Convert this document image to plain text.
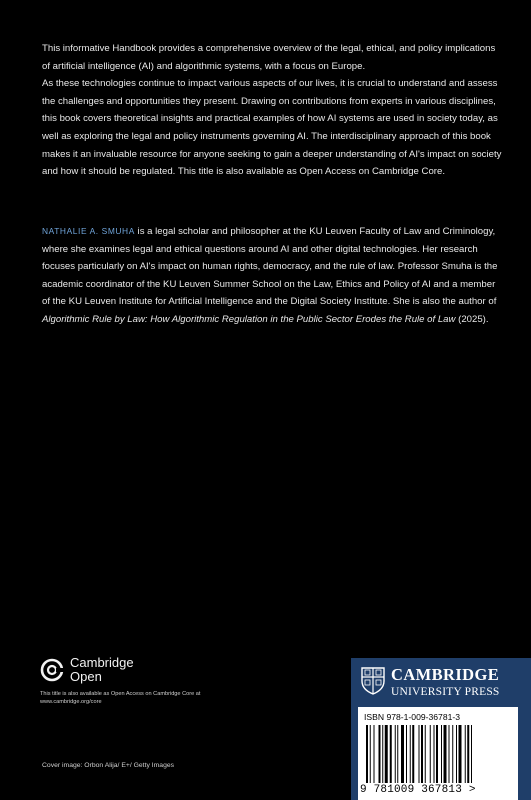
This informative Handbook provides a comprehensive overview of the legal, ethical, and policy implications of artificial intelligence (AI) and algorithmic systems, with a focus on Europe.

As these technologies continue to impact various aspects of our lives, it is crucial to understand and assess the challenges and opportunities they present. Drawing on contributions from experts in various disciplines, this book covers theoretical insights and practical examples of how AI systems are used in society today, as well as exploring the legal and policy instruments governing AI. The interdisciplinary approach of this book makes it an invaluable resource for anyone seeking to gain a deeper understanding of AI's impact on society and how it should be regulated. This title is also available as Open Access on Cambridge Core.

NATHALIE A. SMUHA is a legal scholar and philosopher at the KU Leuven Faculty of Law and Criminology, where she examines legal and ethical questions around AI and other digital technologies. Her research focuses particularly on AI's impact on human rights, democracy, and the rule of law. Professor Smuha is the academic coordinator of the KU Leuven Summer School on the Law, Ethics and Policy of AI and a member of the KU Leuven Institute for Artificial Intelligence and the Digital Society Institute. She is also the author of Algorithmic Rule by Law: How Algorithmic Regulation in the Public Sector Erodes the Rule of Law (2025).
Cambridge
Open
This title is also available as Open Access on Cambridge Core at www.cambridge.org/core
Cover image: Orbon Alija/ E+/ Getty Images
CAMBRIDGE
UNIVERSITY PRESS
ISBN 978-1-009-36781-3
9 781009 367813 >
